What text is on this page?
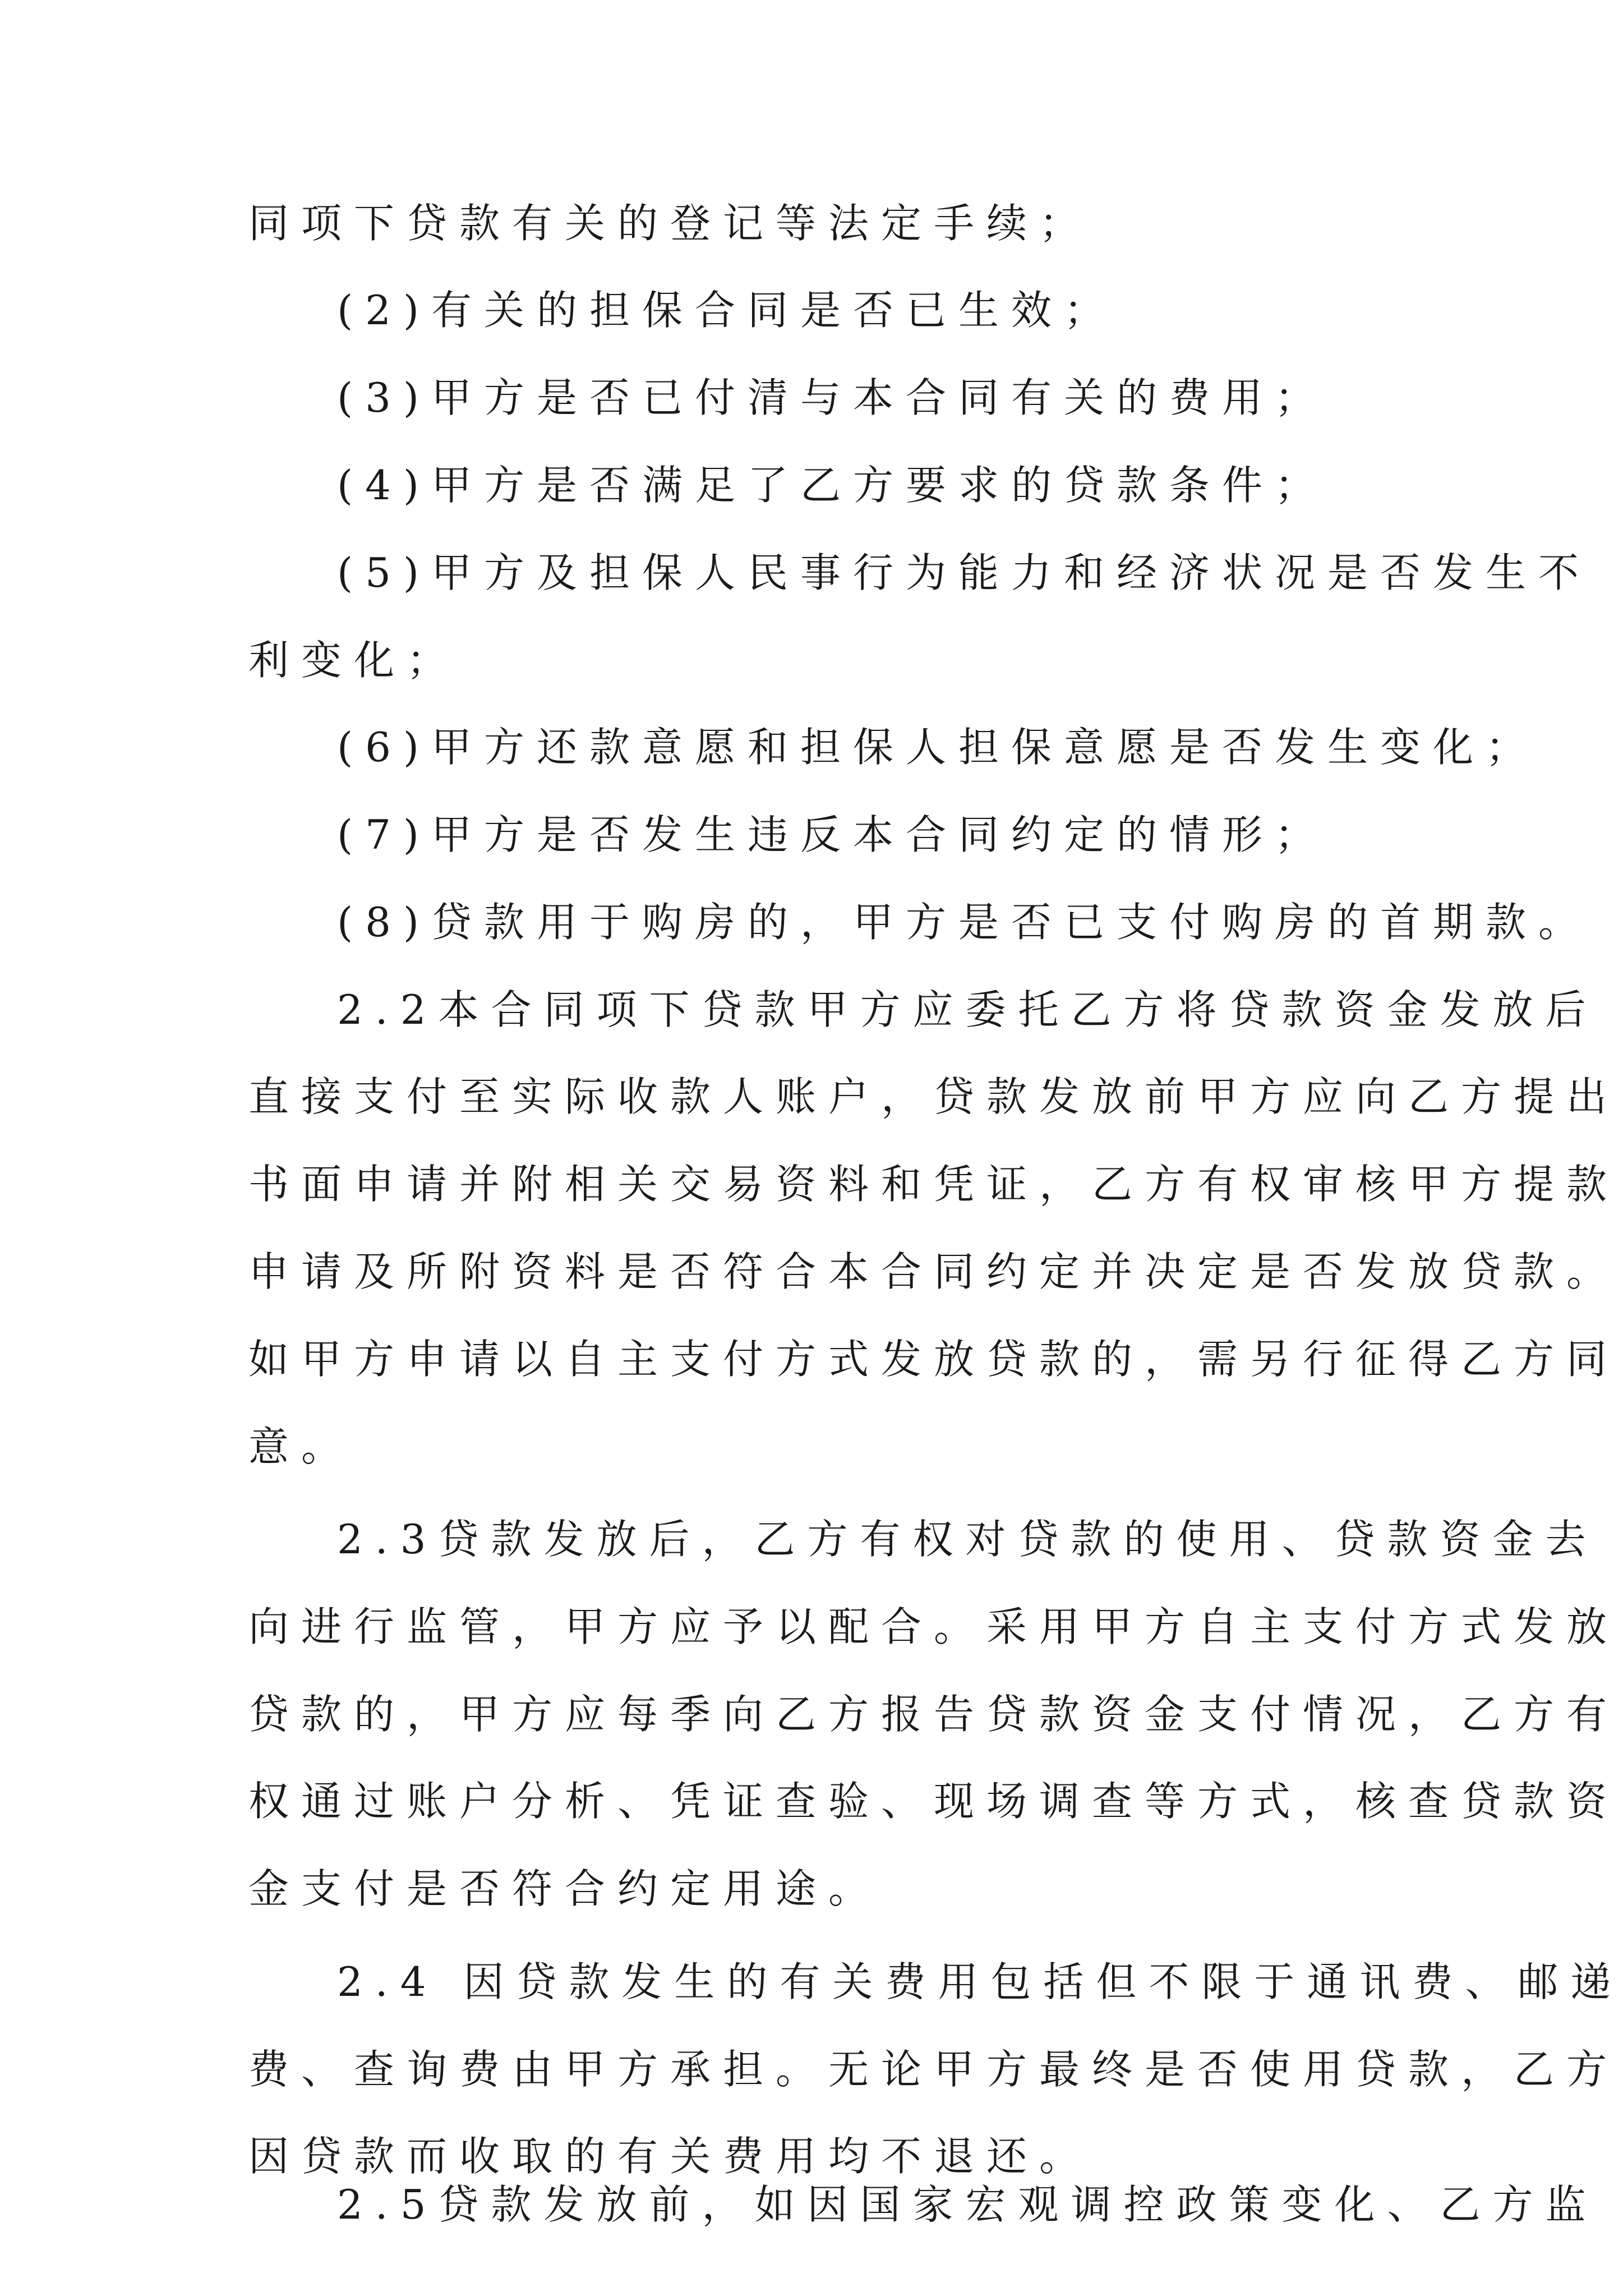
同项下贷款有关的登记等法定手续；

(2)有关的担保合同是否已生效；

(3)甲方是否已付清与本合同有关的费用；

(4)甲方是否满足了乙方要求的贷款条件；

(5)甲方及担保人民事行为能力和经济状况是否发生不

利变化；

(6)甲方还款意愿和担保人担保意愿是否发生变化；

(7)甲方是否发生违反本合同约定的情形；

(8)贷款用于购房的，甲方是否已支付购房的首期款。

2.2本合同项下贷款甲方应委托乙方将贷款资金发放后

直接支付至实际收款人账户，贷款发放前甲方应向乙方提出

书面申请并附相关交易资料和凭证，乙方有权审核甲方提款

申请及所附资料是否符合本合同约定并决定是否发放贷款。

如甲方申请以自主支付方式发放贷款的，需另行征得乙方同

意。

2.3贷款发放后，乙方有权对贷款的使用、贷款资金去

向进行监管，甲方应予以配合。采用甲方自主支付方式发放

贷款的，甲方应每季向乙方报告贷款资金支付情况，乙方有

权通过账户分析、凭证查验、现场调查等方式，核查贷款资

金支付是否符合约定用途。

2.4 因贷款发生的有关费用包括但不限于通讯费、邮递

费、查询费由甲方承担。无论甲方最终是否使用贷款，乙方

因贷款而收取的有关费用均不退还。

2.5贷款发放前，如因国家宏观调控政策变化、乙方监
